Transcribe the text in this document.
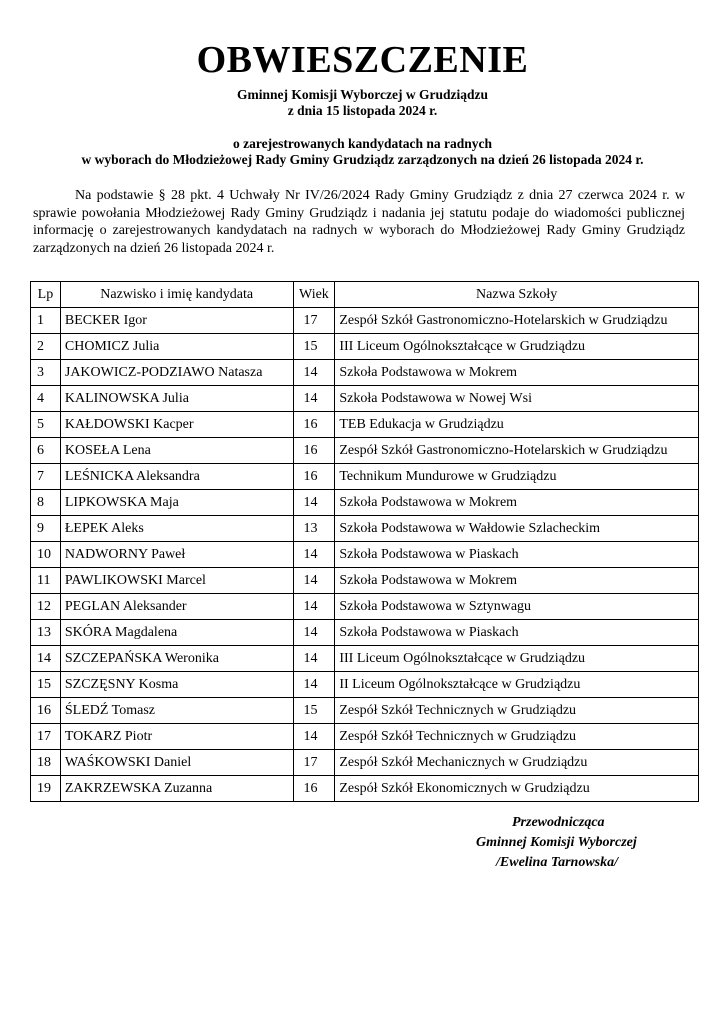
OBWIESZCZENIE
Gminnej Komisji Wyborczej w Grudziądzu
z dnia 15 listopada 2024 r.
o zarejestrowanych kandydatach na radnych
w wyborach do Młodzieżowej Rady Gminy Grudziądz zarządzonych na dzień 26 listopada 2024 r.

Na podstawie § 28 pkt. 4 Uchwały Nr IV/26/2024 Rady Gminy Grudziądz z dnia 27 czerwca 2024 r. w sprawie powołania Młodzieżowej Rady Gminy Grudziądz i nadania jej statutu podaje do wiadomości publicznej informację o zarejestrowanych kandydatach na radnych w wyborach do Młodzieżowej Rady Gminy Grudziądz zarządzonych na dzień 26 listopada 2024 r.

Lp	Nazwisko i imię kandydata	Wiek	Nazwa Szkoły
1	BECKER Igor	17	Zespół Szkół Gastronomiczno-Hotelarskich w Grudziądzu
2	CHOMICZ Julia	15	III Liceum Ogólnokształcące w Grudziądzu
3	JAKOWICZ-PODZIAWO Natasza	14	Szkoła Podstawowa w Mokrem
4	KALINOWSKA Julia	14	Szkoła Podstawowa w Nowej Wsi
5	KAŁDOWSKI Kacper	16	TEB Edukacja w Grudziądzu
6	KOSEŁA Lena	16	Zespół Szkół Gastronomiczno-Hotelarskich w Grudziądzu
7	LEŚNICKA Aleksandra	16	Technikum Mundurowe w Grudziądzu
8	LIPKOWSKA Maja	14	Szkoła Podstawowa w Mokrem
9	ŁEPEK Aleks	13	Szkoła Podstawowa w Wałdowie Szlacheckim
10	NADWORNY Paweł	14	Szkoła Podstawowa w Piaskach
11	PAWLIKOWSKI Marcel	14	Szkoła Podstawowa w Mokrem
12	PEGLAN Aleksander	14	Szkoła Podstawowa w Sztynwagu
13	SKÓRA Magdalena	14	Szkoła Podstawowa w Piaskach
14	SZCZEPAŃSKA Weronika	14	III Liceum Ogólnokształcące w Grudziądzu
15	SZCZĘSNY Kosma	14	II Liceum Ogólnokształcące w Grudziądzu
16	ŚLEDŹ Tomasz	15	Zespół Szkół Technicznych w Grudziądzu
17	TOKARZ Piotr	14	Zespół Szkół Technicznych w Grudziądzu
18	WAŚKOWSKI Daniel	17	Zespół Szkół Mechanicznych w Grudziądzu
19	ZAKRZEWSKA Zuzanna	16	Zespół Szkół Ekonomicznych w Grudziądzu
Przewodnicząca
Gminnej Komisji Wyborczej
/Ewelina Tarnowska/
